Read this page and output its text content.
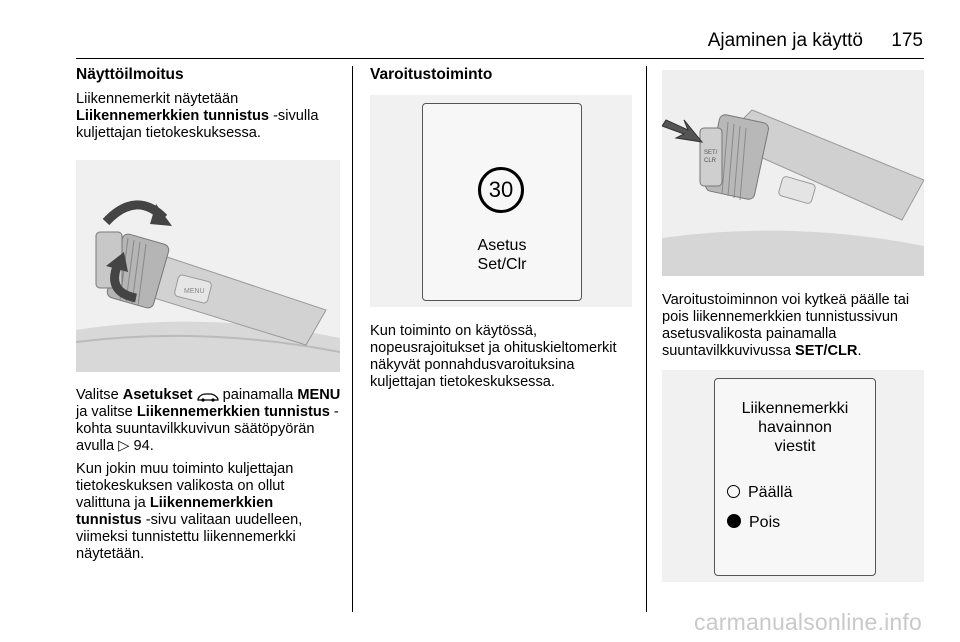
Ajaminen ja käyttö 175
Näyttöilmoitus

Liikennemerkit näytetään
Liikennemerkkien tunnistus -sivulla kuljettajan tietokeskuksessa.

MENU

Valitse Asetukset  painamalla MENU ja valitse Liikennemerkkien tunnistus -kohta suuntavilkkuvivun säätöpyörän avulla ▷ 94.

Kun jokin muu toiminto kuljettajan tietokeskuksen valikosta on ollut valittuna ja Liikennemerkkien tunnistus -sivu valitaan uudelleen, viimeksi tunnistettu liikennemerkki näytetään.

Varoitustoiminto
30
Asetus
Set/Clr

Kun toiminto on käytössä, nopeusrajoitukset ja ohituskieltomerkit näkyvät ponnahdusvaroituksina kuljettajan tietokeskuksessa.

SET/
CLR

Varoitustoiminnon voi kytkeä päälle tai pois liikennemerkkien tunnistussivun asetusvalikosta painamalla suuntavilkkuvivussa SET/CLR.

Liikennemerkki
havainnon
viestit
Päällä
Pois
carmanualsonline.info
